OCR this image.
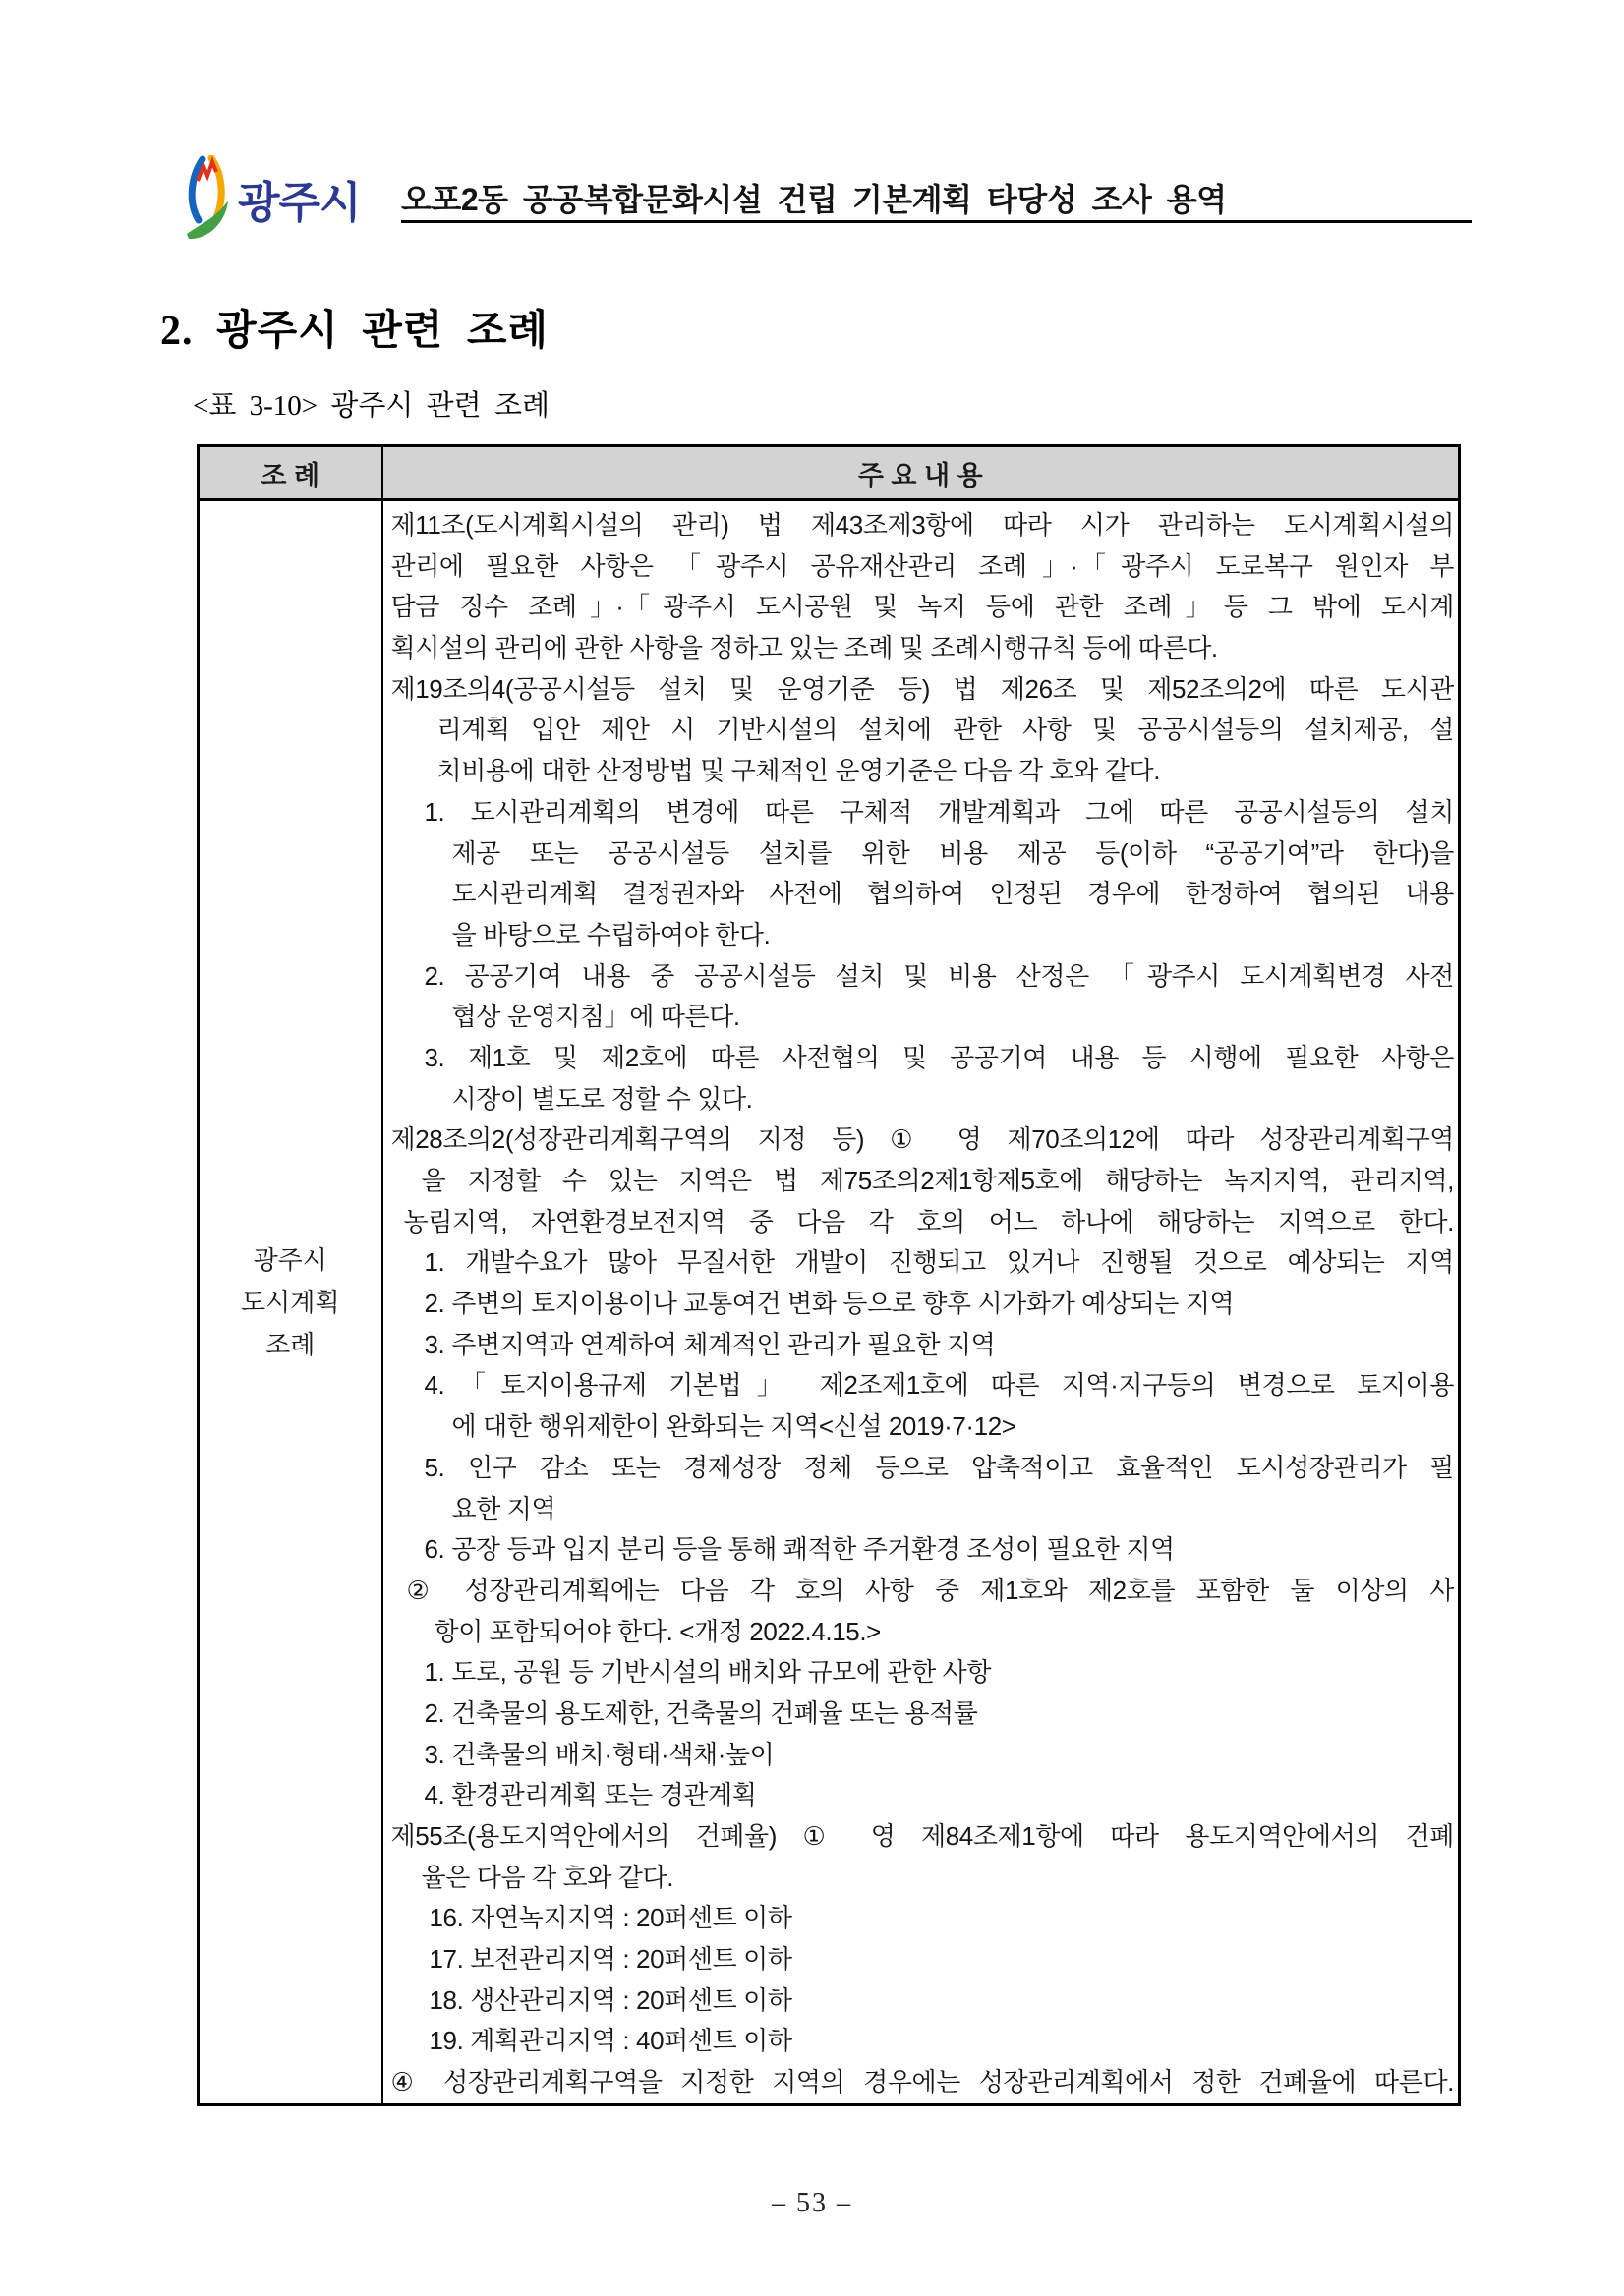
광주시 오포2동 공공복합문화시설 건립 기본계획 타당성 조사 용역
2. 광주시 관련 조례
<표 3-10> 광주시 관련 조례
조 례	주 요 내 용

광주시
도시계획
조례

제11조(도시계획시설의 관리) 법 제43조제3항에 따라 시가 관리하는 도시계획시설의
관리에 필요한 사항은 「광주시 공유재산관리 조례」·「광주시 도로복구 원인자 부
담금 징수 조례」·「광주시 도시공원 및 녹지 등에 관한 조례」등 그 밖에 도시계
획시설의 관리에 관한 사항을 정하고 있는 조례 및 조례시행규칙 등에 따른다.
제19조의4(공공시설등 설치 및 운영기준 등) 법 제26조 및 제52조의2에 따른 도시관
리계획 입안 제안 시 기반시설의 설치에 관한 사항 및 공공시설등의 설치제공, 설
치비용에 대한 산정방법 및 구체적인 운영기준은 다음 각 호와 같다.
1. 도시관리계획의 변경에 따른 구체적 개발계획과 그에 따른 공공시설등의 설치
제공 또는 공공시설등 설치를 위한 비용 제공 등(이하 “공공기여”라 한다)을
도시관리계획 결정권자와 사전에 협의하여 인정된 경우에 한정하여 협의된 내용
을 바탕으로 수립하여야 한다.
2. 공공기여 내용 중 공공시설등 설치 및 비용 산정은 「광주시 도시계획변경 사전
협상 운영지침」에 따른다.
3. 제1호 및 제2호에 따른 사전협의 및 공공기여 내용 등 시행에 필요한 사항은
시장이 별도로 정할 수 있다.
제28조의2(성장관리계획구역의 지정 등) ① 영 제70조의12에 따라 성장관리계획구역
을 지정할 수 있는 지역은 법 제75조의2제1항제5호에 해당하는 녹지지역, 관리지역,
농림지역, 자연환경보전지역 중 다음 각 호의 어느 하나에 해당하는 지역으로 한다.
1. 개발수요가 많아 무질서한 개발이 진행되고 있거나 진행될 것으로 예상되는 지역
2. 주변의 토지이용이나 교통여건 변화 등으로 향후 시가화가 예상되는 지역
3. 주변지역과 연계하여 체계적인 관리가 필요한 지역
4.「토지이용규제 기본법」 제2조제1호에 따른 지역·지구등의 변경으로 토지이용
에 대한 행위제한이 완화되는 지역<신설 2019·7·12>
5. 인구 감소 또는 경제성장 정체 등으로 압축적이고 효율적인 도시성장관리가 필
요한 지역
6. 공장 등과 입지 분리 등을 통해 쾌적한 주거환경 조성이 필요한 지역
② 성장관리계획에는 다음 각 호의 사항 중 제1호와 제2호를 포함한 둘 이상의 사
항이 포함되어야 한다. <개정 2022.4.15.>
1. 도로, 공원 등 기반시설의 배치와 규모에 관한 사항
2. 건축물의 용도제한, 건축물의 건폐율 또는 용적률
3. 건축물의 배치·형태·색채·높이
4. 환경관리계획 또는 경관계획
제55조(용도지역안에서의 건폐율) ① 영 제84조제1항에 따라 용도지역안에서의 건폐
율은 다음 각 호와 같다.
16. 자연녹지지역 : 20퍼센트 이하
17. 보전관리지역 : 20퍼센트 이하
18. 생산관리지역 : 20퍼센트 이하
19. 계획관리지역 : 40퍼센트 이하
④ 성장관리계획구역을 지정한 지역의 경우에는 성장관리계획에서 정한 건폐율에 따른다.
– 53 –
